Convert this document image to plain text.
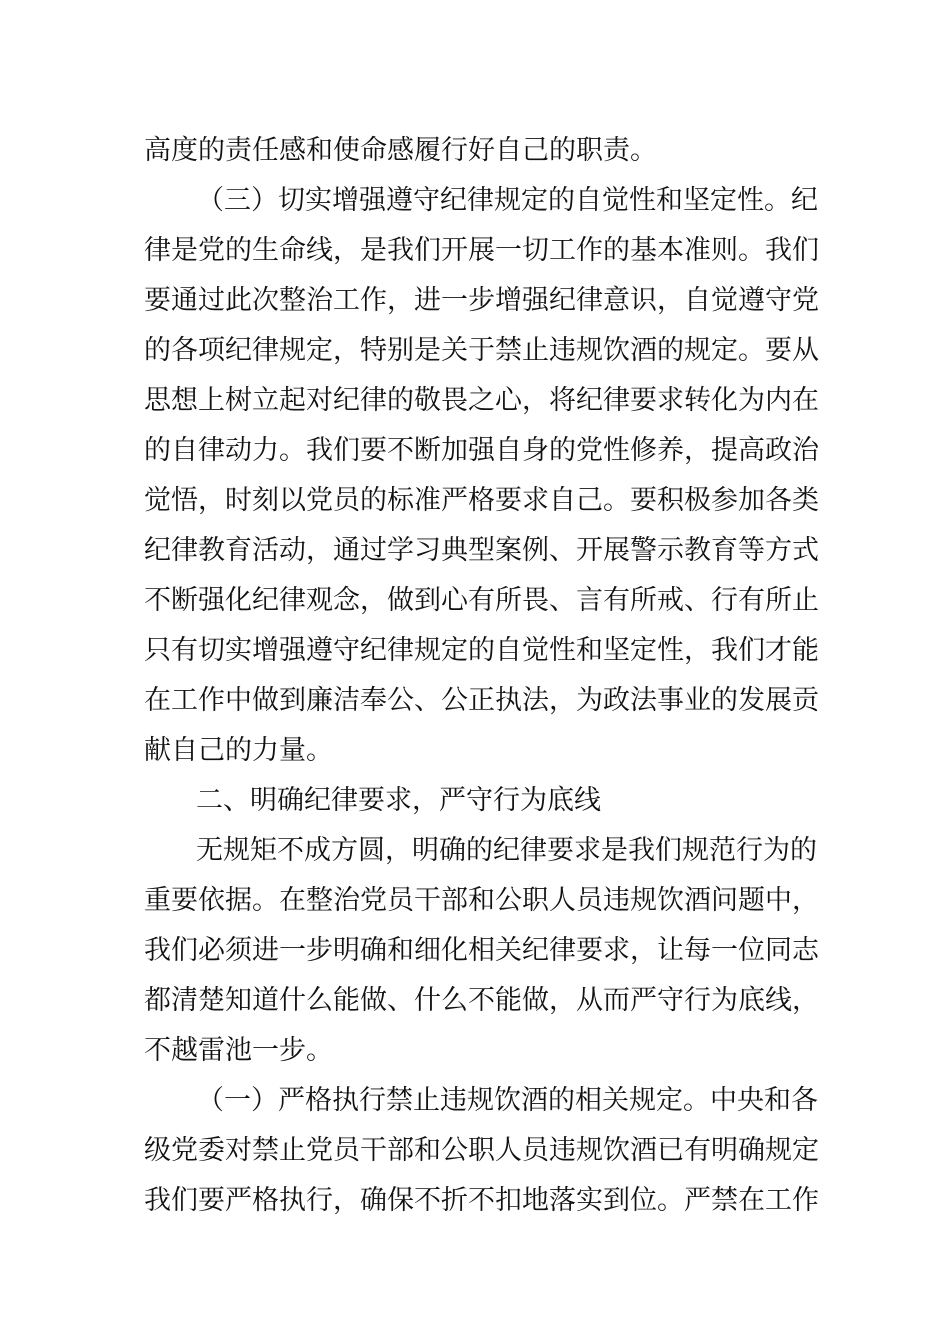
高度的责任感和使命感履行好自己的职责。
（三）切实增强遵守纪律规定的自觉性和坚定性。纪
律是党的生命线，是我们开展一切工作的基本准则。我们
要通过此次整治工作，进一步增强纪律意识，自觉遵守党
的各项纪律规定，特别是关于禁止违规饮酒的规定。要从
思想上树立起对纪律的敬畏之心，将纪律要求转化为内在
的自律动力。我们要不断加强自身的党性修养，提高政治
觉悟，时刻以党员的标准严格要求自己。要积极参加各类
纪律教育活动，通过学习典型案例、开展警示教育等方式
不断强化纪律观念，做到心有所畏、言有所戒、行有所止
只有切实增强遵守纪律规定的自觉性和坚定性，我们才能
在工作中做到廉洁奉公、公正执法，为政法事业的发展贡
献自己的力量。
二、明确纪律要求，严守行为底线
无规矩不成方圆，明确的纪律要求是我们规范行为的
重要依据。在整治党员干部和公职人员违规饮酒问题中，
我们必须进一步明确和细化相关纪律要求，让每一位同志
都清楚知道什么能做、什么不能做，从而严守行为底线，
不越雷池一步。
（一）严格执行禁止违规饮酒的相关规定。中央和各
级党委对禁止党员干部和公职人员违规饮酒已有明确规定
我们要严格执行，确保不折不扣地落实到位。严禁在工作
